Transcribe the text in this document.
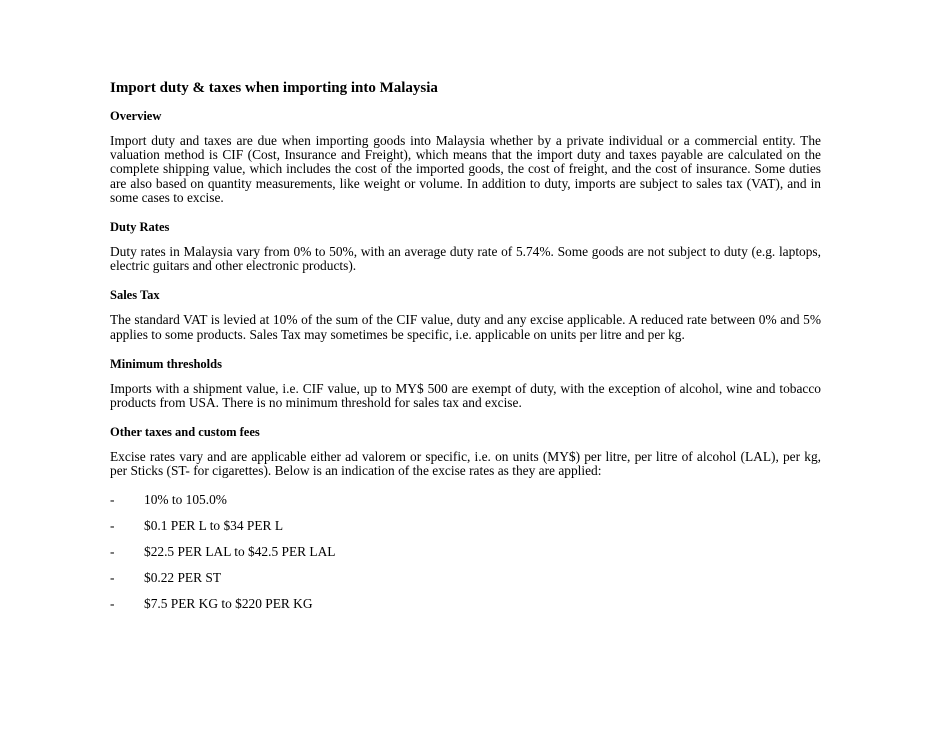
Import duty & taxes when importing into Malaysia
Overview

Import duty and taxes are due when importing goods into Malaysia whether by a private individual or a commercial entity. The valuation method is CIF (Cost, Insurance and Freight), which means that the import duty and taxes payable are calculated on the complete shipping value, which includes the cost of the imported goods, the cost of freight, and the cost of insurance. Some duties are also based on quantity measurements, like weight or volume. In addition to duty, imports are subject to sales tax (VAT), and in some cases to excise.

Duty Rates

Duty rates in Malaysia vary from 0% to 50%, with an average duty rate of 5.74%. Some goods are not subject to duty (e.g. laptops, electric guitars and other electronic products).

Sales Tax

The standard VAT is levied at 10% of the sum of the CIF value, duty and any excise applicable. A reduced rate between 0% and 5% applies to some products. Sales Tax may sometimes be specific, i.e. applicable on units per litre and per kg.

Minimum thresholds

Imports with a shipment value, i.e. CIF value, up to MY$ 500 are exempt of duty, with the exception of alcohol, wine and tobacco products from USA. There is no minimum threshold for sales tax and excise.

Other taxes and custom fees

Excise rates vary and are applicable either ad valorem or specific, i.e. on units (MY$) per litre, per litre of alcohol (LAL), per kg, per Sticks (ST- for cigarettes). Below is an indication of the excise rates as they are applied:

-	10% to 105.0%
-	$0.1 PER L to $34 PER L
-	$22.5 PER LAL to $42.5 PER LAL
-	$0.22 PER ST
-	$7.5 PER KG to $220 PER KG
